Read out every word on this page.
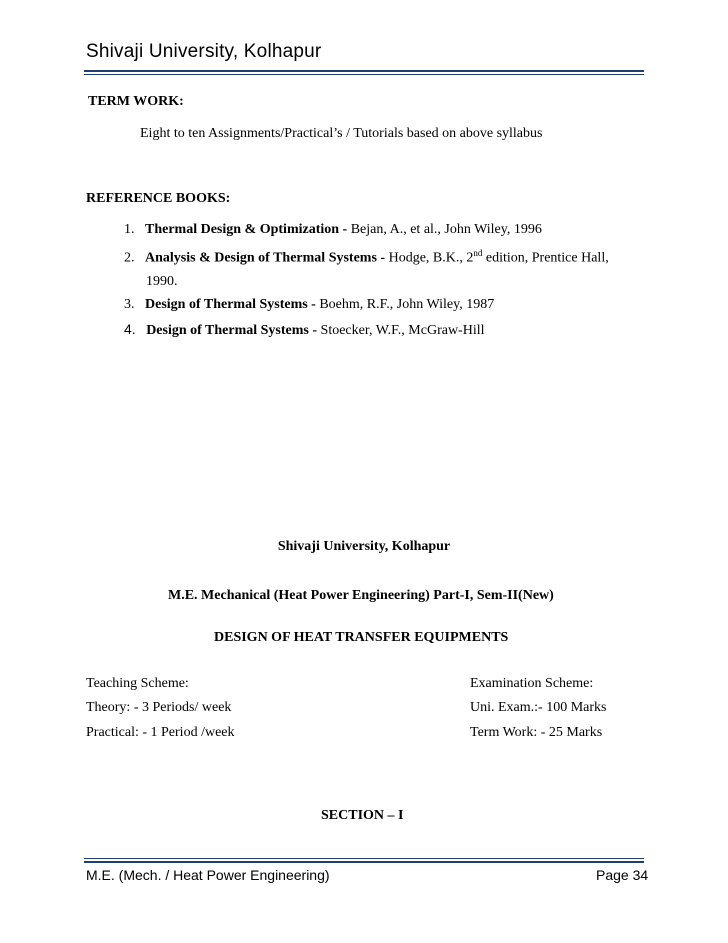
Shivaji University, Kolhapur
TERM WORK:
Eight to ten Assignments/Practical’s / Tutorials based on above syllabus
REFERENCE BOOKS:
1. Thermal Design & Optimization - Bejan, A., et al., John Wiley, 1996
2. Analysis & Design of Thermal Systems - Hodge, B.K., 2nd edition, Prentice Hall,
1990.
3. Design of Thermal Systems - Boehm, R.F., John Wiley, 1987
4. Design of Thermal Systems - Stoecker, W.F., McGraw-Hill
Shivaji University, Kolhapur
M.E. Mechanical (Heat Power Engineering) Part-I, Sem-II(New)
DESIGN OF HEAT TRANSFER EQUIPMENTS
Teaching Scheme:
Theory: - 3 Periods/ week
Practical: - 1 Period /week
Examination Scheme:
Uni. Exam.:- 100 Marks
Term Work: - 25 Marks
SECTION – I
M.E. (Mech. / Heat Power Engineering)	Page 34
